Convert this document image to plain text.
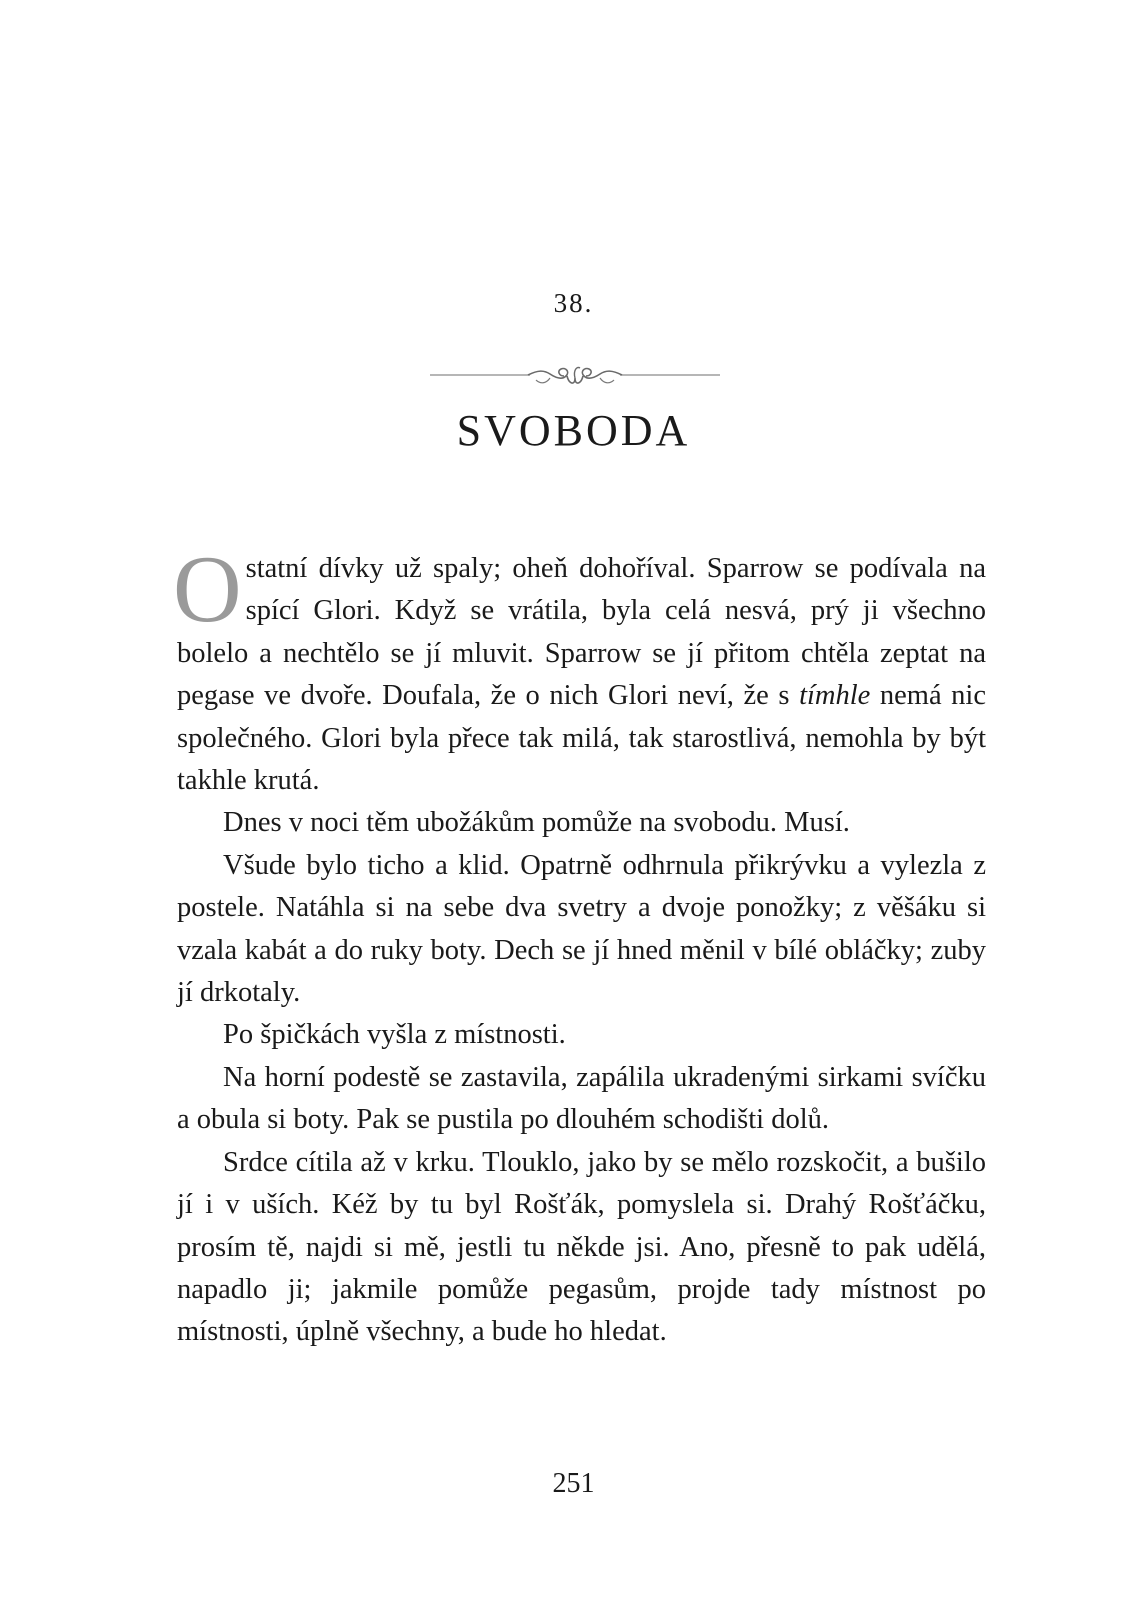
38.
SVOBODA

Ostatní dívky už spaly; oheň dohoříval. Sparrow se podívala na spící Glori. Když se vrátila, byla celá nesvá, prý ji všechno bolelo a nechtělo se jí mluvit. Sparrow se jí přitom chtěla zeptat na pegase ve dvoře. Doufala, že o nich Glori neví, že s tímhle nemá nic společného. Glori byla přece tak milá, tak starostlivá, nemohla by být takhle krutá.

Dnes v noci těm ubožákům pomůže na svobodu. Musí.

Všude bylo ticho a klid. Opatrně odhrnula přikrývku a vylezla z postele. Natáhla si na sebe dva svetry a dvoje ponožky; z věšáku si vzala kabát a do ruky boty. Dech se jí hned měnil v bílé obláčky; zuby jí drkotaly.

Po špičkách vyšla z místnosti.

Na horní podestě se zastavila, zapálila ukradenými sirkami svíčku a obula si boty. Pak se pustila po dlouhém schodišti dolů.

Srdce cítila až v krku. Tlouklo, jako by se mělo rozskočit, a bušilo jí i v uších. Kéž by tu byl Rošťák, pomyslela si. Drahý Rošťáčku, prosím tě, najdi si mě, jestli tu někde jsi. Ano, přesně to pak udělá, napadlo ji; jakmile pomůže pegasům, projde tady místnost po místnosti, úplně všechny, a bude ho hledat.

251
